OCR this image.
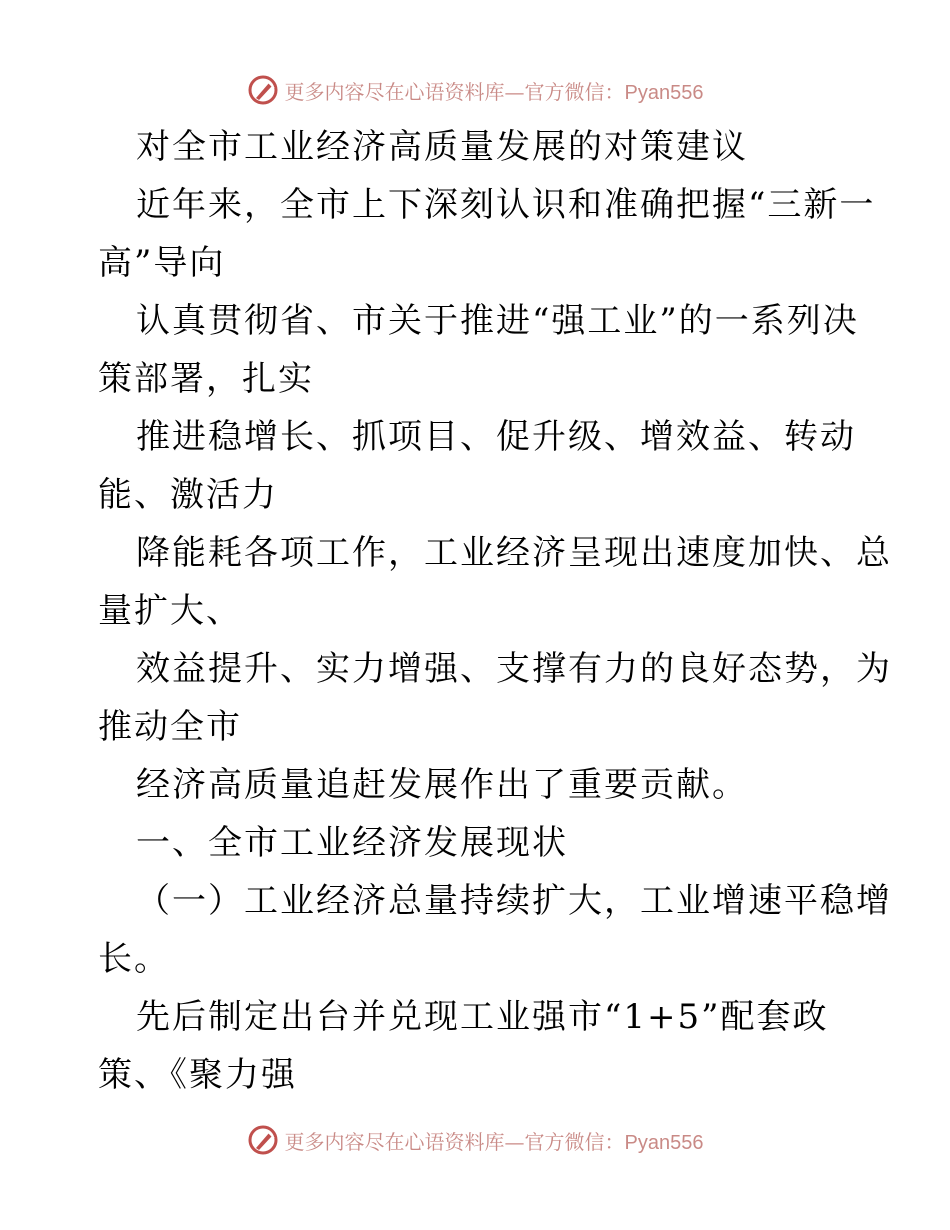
更多内容尽在心语资料库—官方微信：Pyan556
对全市工业经济高质量发展的对策建议
近年来，全市上下深刻认识和准确把握“三新一
高”导向
认真贯彻省、市关于推进“强工业”的一系列决
策部署，扎实
推进稳增长、抓项目、促升级、增效益、转动
能、激活力
降能耗各项工作，工业经济呈现出速度加快、总
量扩大、
效益提升、实力增强、支撑有力的良好态势，为
推动全市
经济高质量追赶发展作出了重要贡献。
一、全市工业经济发展现状
（一）工业经济总量持续扩大，工业增速平稳增
长。
先后制定出台并兑现工业强市“1+5”配套政
策、《聚力强
更多内容尽在心语资料库—官方微信：Pyan556
